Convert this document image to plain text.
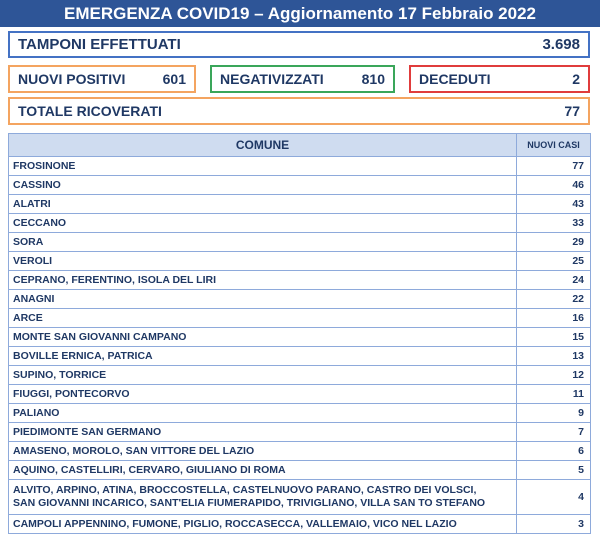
EMERGENZA COVID19 – Aggiornamento 17 Febbraio 2022
TAMPONI EFFETTUATI	3.698
NUOVI POSITIVI	601 NEGATIVIZZATI	810 DECEDUTI	2
TOTALE RICOVERATI	77
COMUNE	NUOVI CASI
FROSINONE	77
CASSINO	46
ALATRI	43
CECCANO	33
SORA	29
VEROLI	25
CEPRANO, FERENTINO, ISOLA DEL LIRI	24
ANAGNI	22
ARCE	16
MONTE SAN GIOVANNI CAMPANO	15
BOVILLE ERNICA, PATRICA	13
SUPINO, TORRICE	12
FIUGGI, PONTECORVO	11
PALIANO	9
PIEDIMONTE SAN GERMANO	7
AMASENO, MOROLO, SAN VITTORE DEL LAZIO	6
AQUINO, CASTELLIRI, CERVARO, GIULIANO DI ROMA	5
ALVITO, ARPINO, ATINA, BROCCOSTELLA, CASTELNUOVO PARANO, CASTRO DEI VOLSCI,
SAN GIOVANNI INCARICO, SANT'ELIA FIUMERAPIDO, TRIVIGLIANO, VILLA SAN TO STEFANO	4
CAMPOLI APPENNINO, FUMONE, PIGLIO, ROCCASECCA, VALLEMAIO, VICO NEL LAZIO	3
